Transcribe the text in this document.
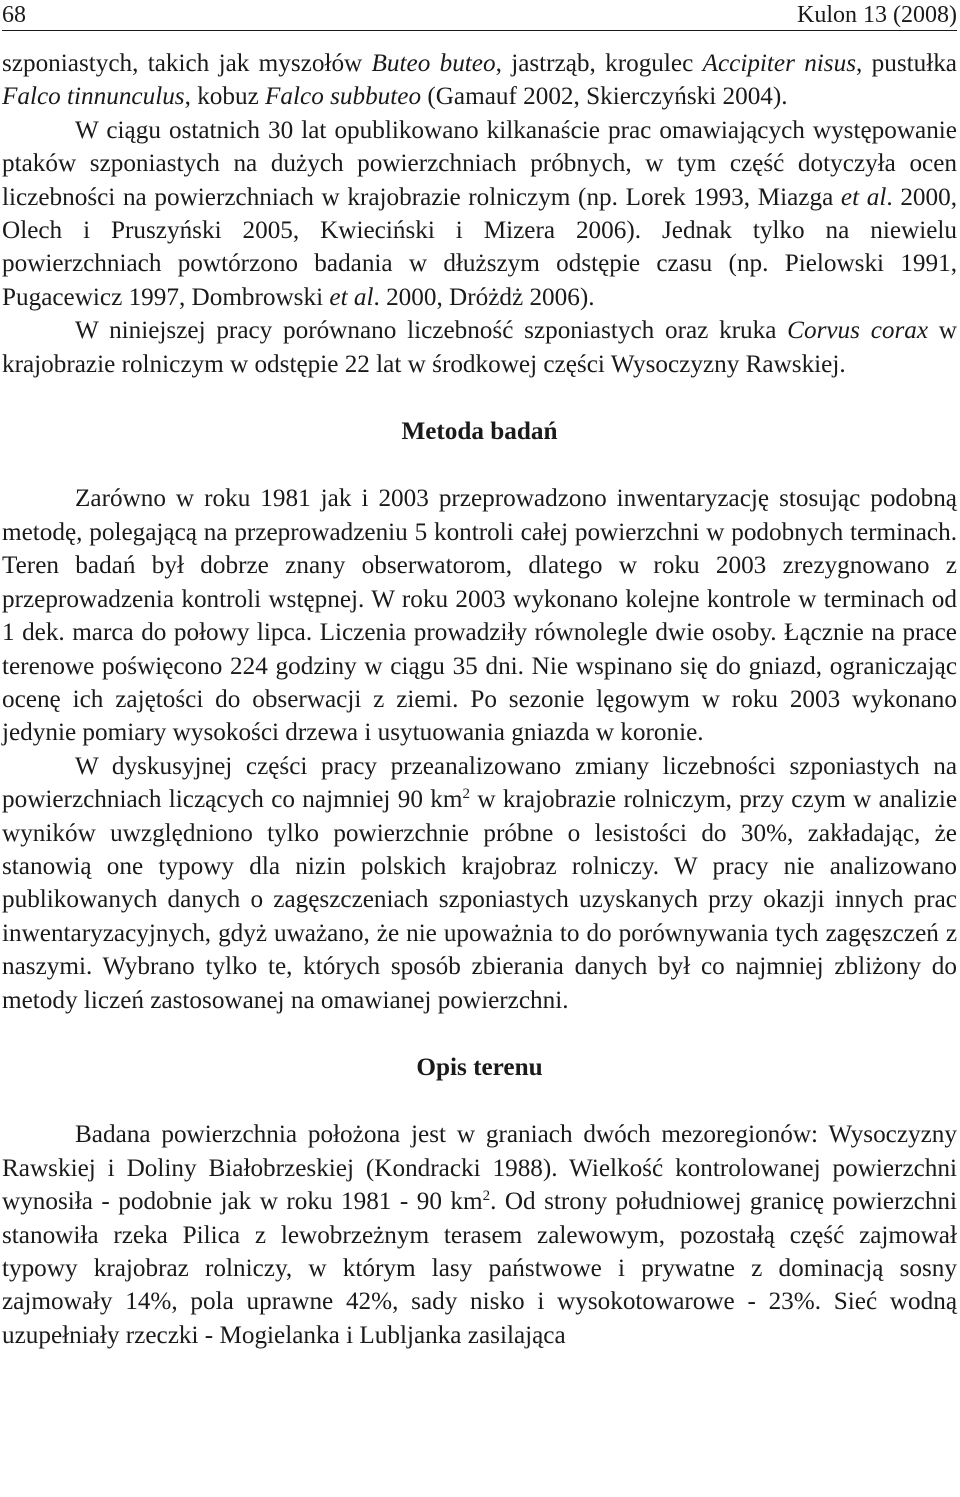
68	Kulon 13 (2008)

szponiastych, takich jak myszołów Buteo buteo, jastrząb, krogulec Accipiter nisus, pustułka Falco tinnunculus, kobuz Falco subbuteo (Gamauf 2002, Skierczyński 2004).

W ciągu ostatnich 30 lat opublikowano kilkanaście prac omawiających występowanie ptaków szponiastych na dużych powierzchniach próbnych, w tym część dotyczyła ocen liczebności na powierzchniach w krajobrazie rolniczym (np. Lorek 1993, Miazga et al. 2000, Olech i Pruszyński 2005, Kwieciński i Mizera 2006). Jednak tylko na niewielu powierzchniach powtórzono badania w dłuższym odstępie czasu (np. Pielowski 1991, Pugacewicz 1997, Dombrowski et al. 2000, Dróżdż 2006).

W niniejszej pracy porównano liczebność szponiastych oraz kruka Corvus corax w krajobrazie rolniczym w odstępie 22 lat w środkowej części Wysoczyzny Rawskiej.

Metoda badań

Zarówno w roku 1981 jak i 2003 przeprowadzono inwentaryzację stosując podobną metodę, polegającą na przeprowadzeniu 5 kontroli całej powierzchni w podobnych terminach. Teren badań był dobrze znany obserwatorom, dlatego w roku 2003 zrezygnowano z przeprowadzenia kontroli wstępnej. W roku 2003 wykonano kolejne kontrole w terminach od 1 dek. marca do połowy lipca. Liczenia prowadziły równolegle dwie osoby. Łącznie na prace terenowe poświęcono 224 godziny w ciągu 35 dni. Nie wspinano się do gniazd, ograniczając ocenę ich zajętości do obserwacji z ziemi. Po sezonie lęgowym w roku 2003 wykonano jedynie pomiary wysokości drzewa i usytuowania gniazda w koronie.

W dyskusyjnej części pracy przeanalizowano zmiany liczebności szponiastych na powierzchniach liczących co najmniej 90 $km^2$ w krajobrazie rolniczym, przy czym w analizie wyników uwzględniono tylko powierzchnie próbne o lesistości do 30%, zakładając, że stanowią one typowy dla nizin polskich krajobraz rolniczy. W pracy nie analizowano publikowanych danych o zagęszczeniach szponiastych uzyskanych przy okazji innych prac inwentaryzacyjnych, gdyż uważano, że nie upoważnia to do porównywania tych zagęszczeń z naszymi. Wybrano tylko te, których sposób zbierania danych był co najmniej zbliżony do metody liczeń zastosowanej na omawianej powierzchni.

Opis terenu

Badana powierzchnia położona jest w graniach dwóch mezoregionów: Wysoczyzny Rawskiej i Doliny Białobrzeskiej (Kondracki 1988). Wielkość kontrolowanej powierzchni wynosiła - podobnie jak w roku 1981 - 90 $km^2$. Od strony południowej granicę powierzchni stanowiła rzeka Pilica z lewobrzeżnym terasem zalewowym, pozostałą część zajmował typowy krajobraz rolniczy, w którym lasy państwowe i prywatne z dominacją sosny zajmowały 14%, pola uprawne 42%, sady nisko i wysokotowarowe - 23%. Sieć wodną uzupełniały rzeczki - Mogielanka i Lubljanka zasilająca
